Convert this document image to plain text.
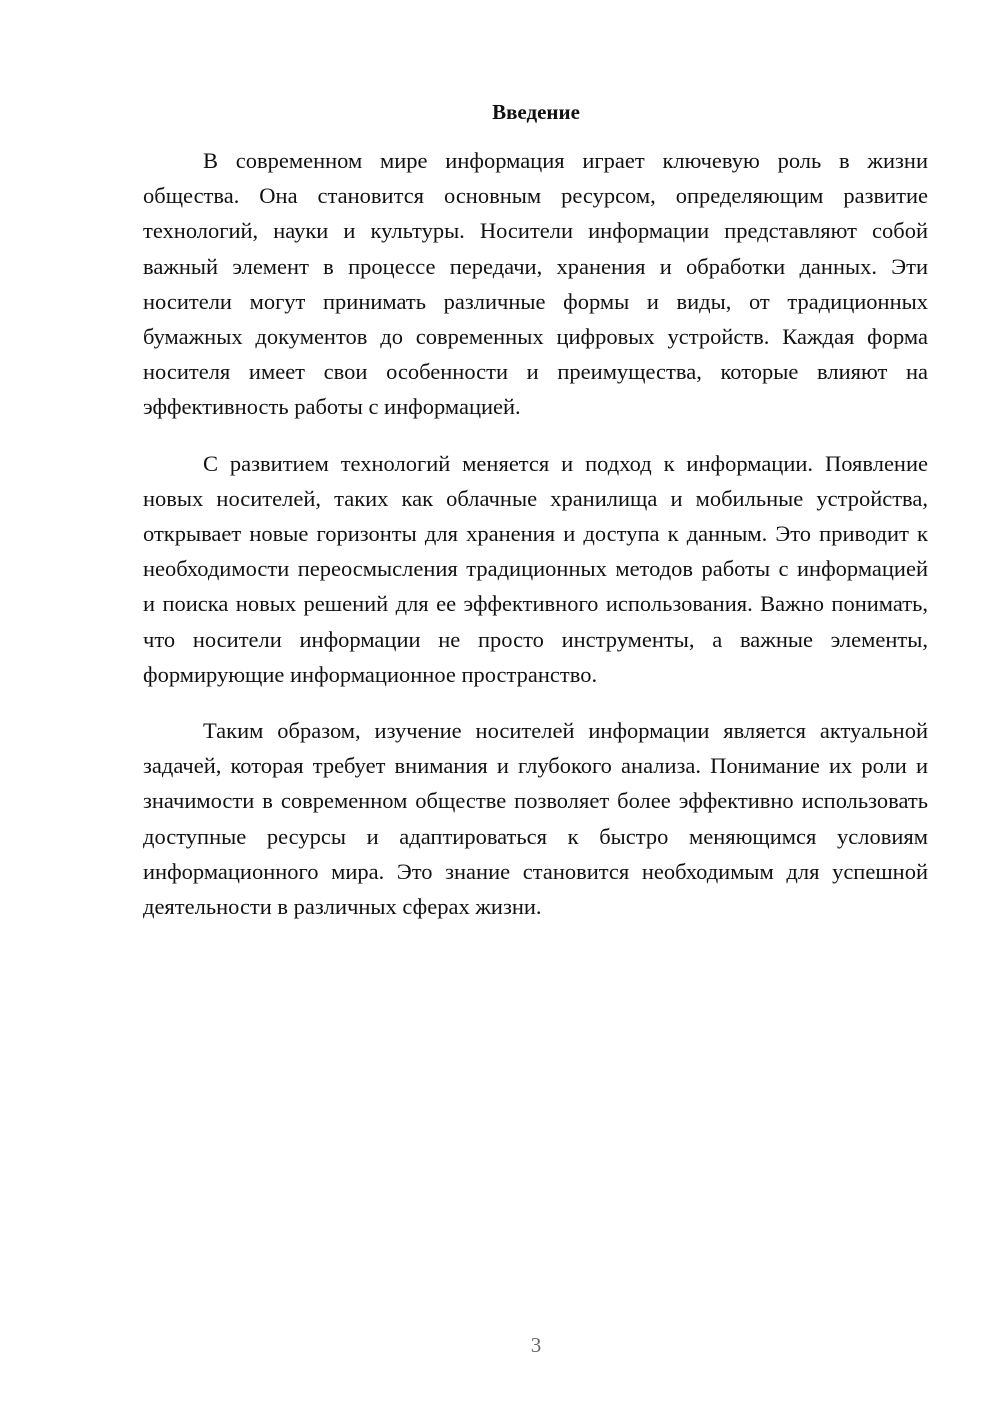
Введение

В современном мире информация играет ключевую роль в жизни общества. Она становится основным ресурсом, определяющим развитие технологий, науки и культуры. Носители информации представляют собой важный элемент в процессе передачи, хранения и обработки данных. Эти носители могут принимать различные формы и виды, от традиционных бумажных документов до современных цифровых устройств. Каждая форма носителя имеет свои особенности и преимущества, которые влияют на эффективность работы с информацией.

С развитием технологий меняется и подход к информации. Появление новых носителей, таких как облачные хранилища и мобильные устройства, открывает новые горизонты для хранения и доступа к данным. Это приводит к необходимости переосмысления традиционных методов работы с информацией и поиска новых решений для ее эффективного использования. Важно понимать, что носители информации не просто инструменты, а важные элементы, формирующие информационное пространство.

Таким образом, изучение носителей информации является актуальной задачей, которая требует внимания и глубокого анализа. Понимание их роли и значимости в современном обществе позволяет более эффективно использовать доступные ресурсы и адаптироваться к быстро меняющимся условиям информационного мира. Это знание становится необходимым для успешной деятельности в различных сферах жизни.

3
